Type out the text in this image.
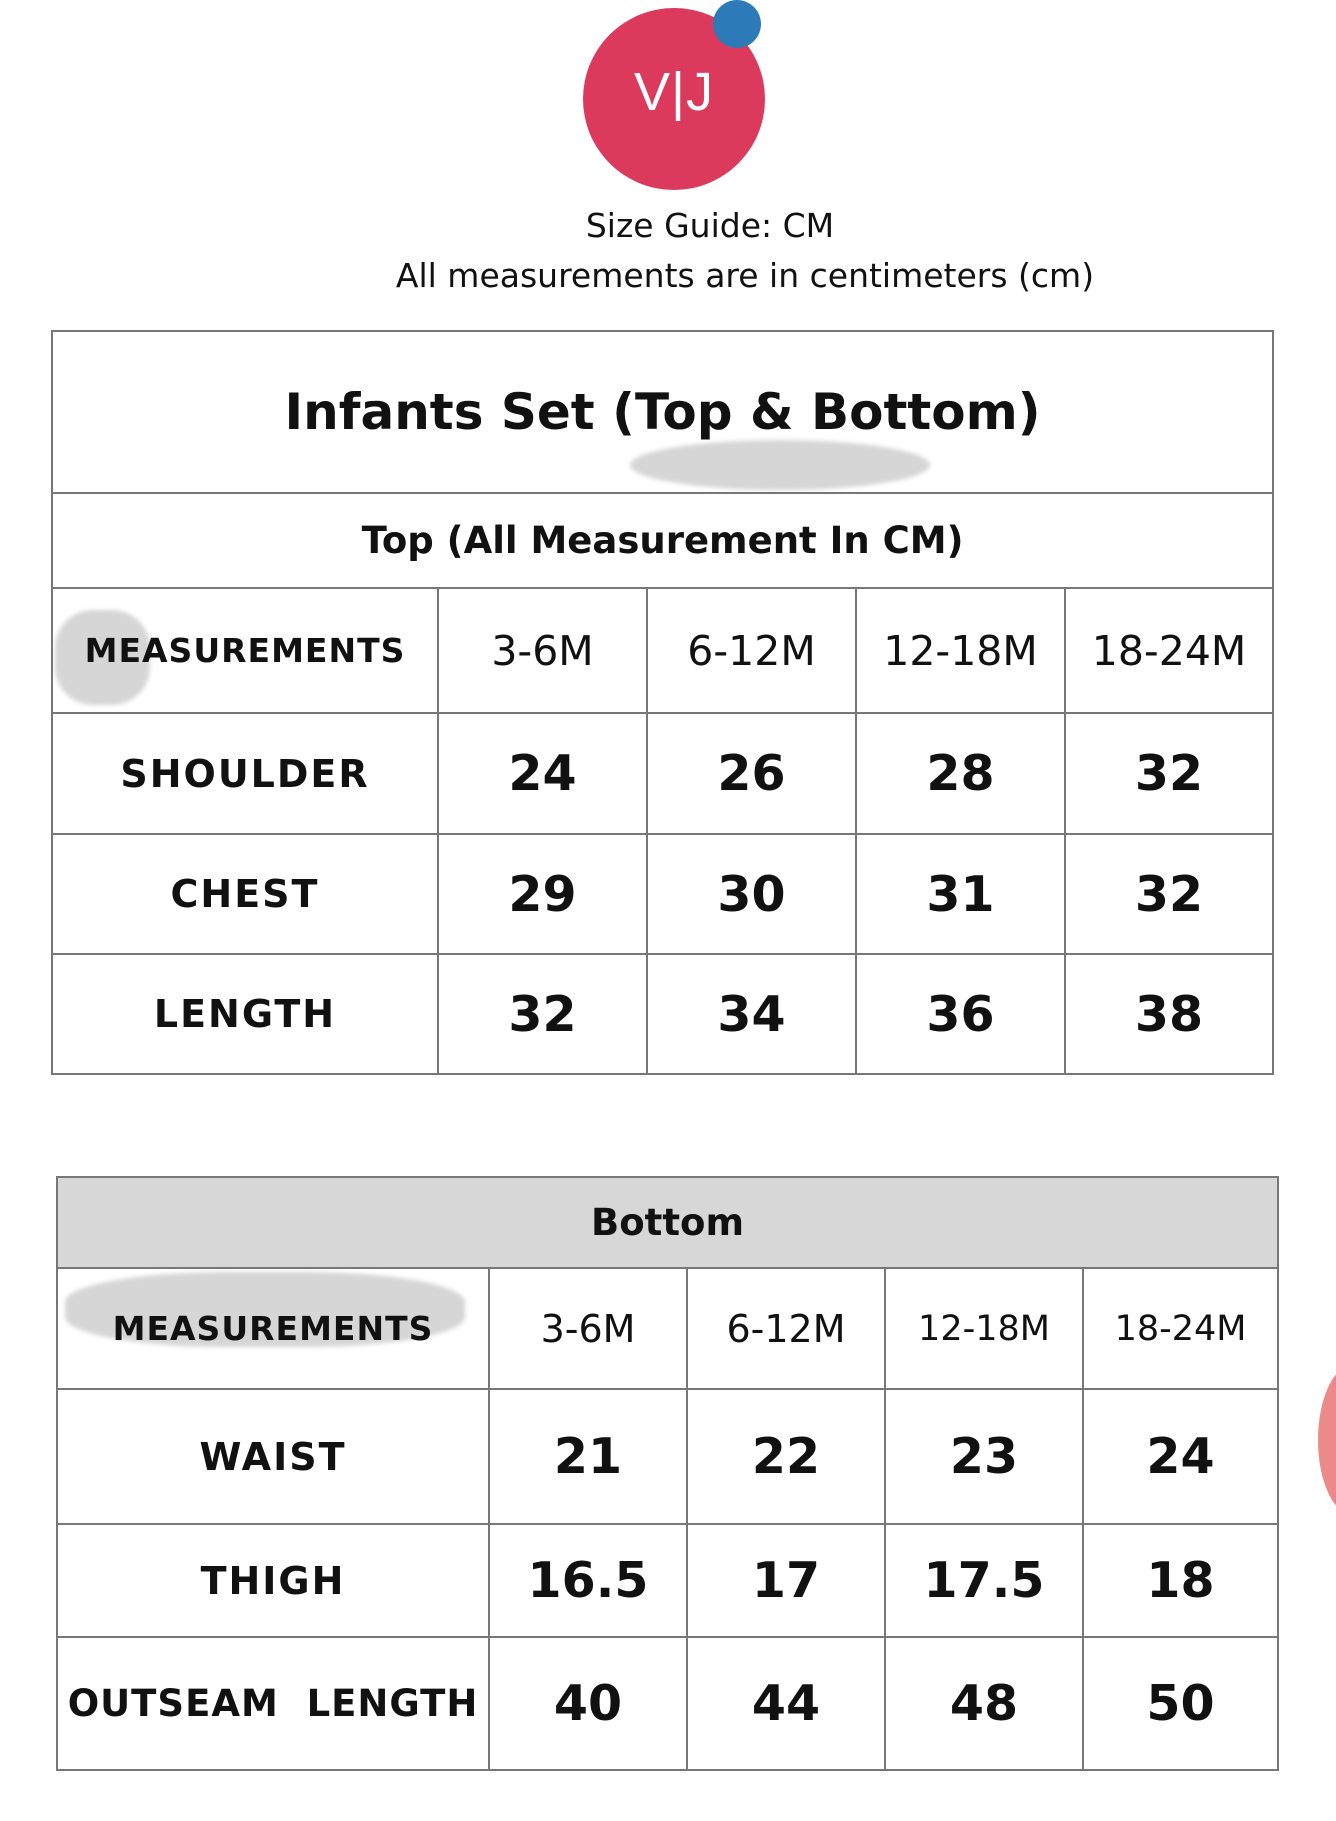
V|J
Size Guide: CM
All measurements are in centimeters (cm)
Infants Set (Top & Bottom)				
Top (All Measurement In CM)				
MEASUREMENTS	3-6M	6-12M	12-18M	18-24M
SHOULDER	24	26	28	32
CHEST	29	30	31	32
LENGTH	32	34	36	38
Bottom				
MEASUREMENTS	3-6M	6-12M	12-18M	18-24M
WAIST	21	22	23	24
THIGH	16.5	17	17.5	18
OUTSEAM  LENGTH	40	44	48	50
